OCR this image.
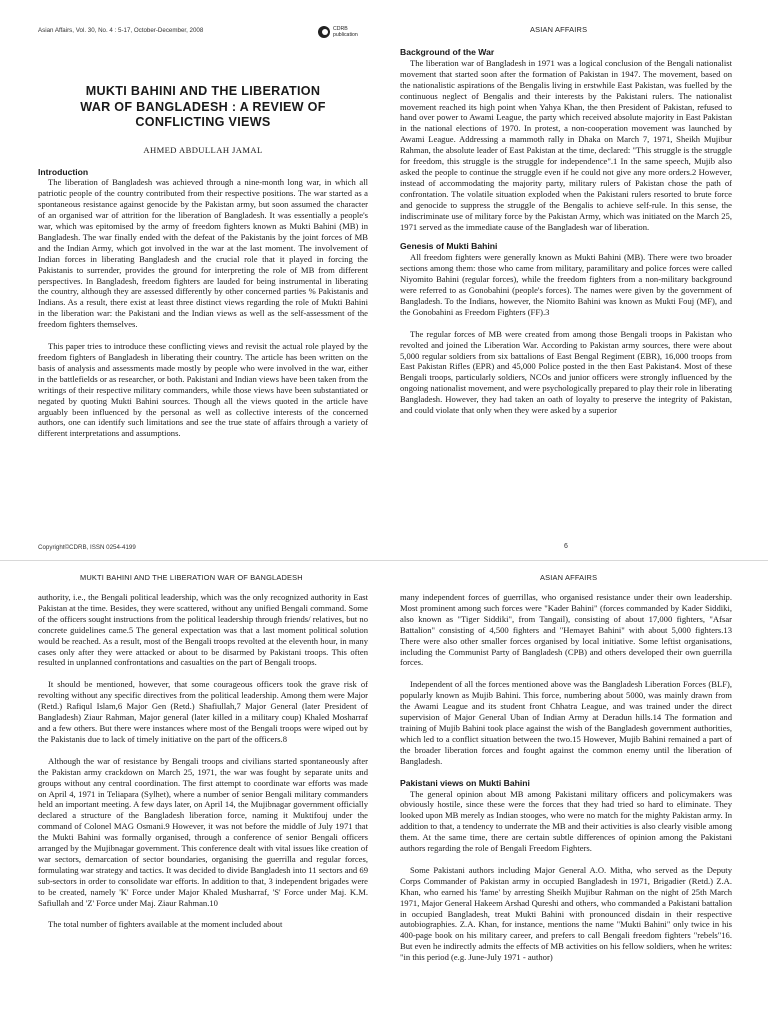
Asian Affairs, Vol. 30, No. 4 : 5-17, October-December, 2008	CDRB
publication

MUKTI BAHINI AND THE LIBERATION

WAR OF BANGLADESH : A REVIEW OF

CONFLICTING VIEWS

AHMED ABDULLAH JAMAL

Introduction

The liberation of Bangladesh was achieved through a nine-month long war, in which all patriotic people of the country contributed from their respective positions. The war started as a spontaneous resistance against genocide by the Pakistan army, but soon assumed the character of an organised war of attrition for the liberation of Bangladesh. It was essentially a people's war, which was epitomised by the army of freedom fighters known as Mukti Bahini (MB) in Bangladesh. The war finally ended with the defeat of the Pakistanis by the joint forces of MB and the Indian Army, which got involved in the war at the last moment. The involvement of Indian forces in liberating Bangladesh and the crucial role that it played in forcing the Pakistanis to surrender, provides the ground for interpreting the role of MB from different perspectives. In Bangladesh, freedom fighters are lauded for being instrumental in liberating the country, although they are assessed differently by other concerned parties % Pakistanis and Indians. As a result, there exist at least three distinct views regarding the role of Mukti Bahini in the liberation war: the Pakistani and the Indian views as well as the self-assessment of the freedom fighters themselves.

This paper tries to introduce these conflicting views and revisit the actual role played by the freedom fighters of Bangladesh in liberating their country. The article has been written on the basis of analysis and assessments made mostly by people who were involved in the war, either in the battlefields or as researcher, or both. Pakistani and Indian views have been taken from the writings of their respective military commanders, while those views have been substantiated or negated by quoting Mukti Bahini sources. Though all the views quoted in the article have arguably been influenced by the personal as well as collective interests of the concerned authors, one can identify such limitations and see the true state of affairs through a variety of different interpretations and assumptions.

Copyright©CDRB, ISSN 0254-4199
ASIAN AFFAIRS

Background of the War

The liberation war of Bangladesh in 1971 was a logical conclusion of the Bengali nationalist movement that started soon after the formation of Pakistan in 1947. The movement, based on the nationalistic aspirations of the Bengalis living in erstwhile East Pakistan, was fuelled by the continuous neglect of Bengalis and their interests by the Pakistani rulers. The nationalist movement reached its high point when Yahya Khan, the then President of Pakistan, refused to hand over power to Awami League, the party which received absolute majority in East Pakistan in the national elections of 1970. In protest, a non-cooperation movement was launched by Awami League. Addressing a mammoth rally in Dhaka on March 7, 1971, Sheikh Mujibur Rahman, the absolute leader of East Pakistan at the time, declared: "This struggle is the struggle for freedom, this struggle is the struggle for independence".1 In the same speech, Mujib also asked the people to continue the struggle even if he could not give any more orders.2 However, instead of accommodating the majority party, military rulers of Pakistan chose the path of confrontation. The volatile situation exploded when the Pakistani rulers resorted to brute force and genocide to suppress the struggle of the Bengalis to achieve self-rule. In this sense, the indiscriminate use of military force by the Pakistan Army, which was initiated on the March 25, 1971 served as the immediate cause of the Bangladesh war of liberation.

Genesis of Mukti Bahini

All freedom fighters were generally known as Mukti Bahini (MB). There were two broader sections among them: those who came from military, paramilitary and police forces were called Niyomito Bahini (regular forces), while the freedom fighters from a non-military background were referred to as Gonobahini (people's forces). The names were given by the government of Bangladesh. To the Indians, however, the Niomito Bahini was known as Mukti Fouj (MF), and the Gonobahini as Freedom Fighters (FF).3

The regular forces of MB were created from among those Bengali troops in Pakistan who revolted and joined the Liberation War. According to Pakistan army sources, there were about 5,000 regular soldiers from six battalions of East Bengal Regiment (EBR), 16,000 troops from East Pakistan Rifles (EPR) and 45,000 Police posted in the then East Pakistan4. Most of these Bengali troops, particularly soldiers, NCOs and junior officers were strongly influenced by the ongoing nationalist movement, and were psychologically prepared to play their role in liberating Bangladesh. However, they had taken an oath of loyalty to preserve the integrity of Pakistan, and could violate that only when they were asked by a superior

6
MUKTI BAHINI AND THE LIBERATION WAR OF BANGLADESH	ASIAN AFFAIRS

authority, i.e., the Bengali political leadership, which was the only recognized authority in East Pakistan at the time. Besides, they were scattered, without any unified Bengali command. Some of the officers sought instructions from the political leadership through friends/ relatives, but no concrete guidelines came.5 The general expectation was that a last moment political solution would be reached. As a result, most of the Bengali troops revolted at the eleventh hour, in many cases only after they were attacked or about to be disarmed by Pakistani troops. This often resulted in unplanned confrontations and casualties on the part of Bengali troops.

It should be mentioned, however, that some courageous officers took the grave risk of revolting without any specific directives from the political leadership. Among them were Major (Retd.) Rafiqul Islam,6 Major Gen (Retd.) Shafiullah,7 Major General (later President of Bangladesh) Ziaur Rahman, Major general (later killed in a military coup) Khaled Mosharraf and a few others. But there were instances where most of the Bengali troops were wiped out by the Pakistanis due to lack of timely initiative on the part of the officers.8

Although the war of resistance by Bengali troops and civilians started spontaneously after the Pakistan army crackdown on March 25, 1971, the war was fought by separate units and groups without any central coordination. The first attempt to coordinate war efforts was made on April 4, 1971 in Teliapara (Sylhet), where a number of senior Bengali military commanders held an important meeting. A few days later, on April 14, the Mujibnagar government officially declared a structure of the Bangladesh liberation force, naming it Muktifouj under the command of Colonel MAG Osmani.9 However, it was not before the middle of July 1971 that the Mukti Bahini was formally organised, through a conference of senior Bengali officers arranged by the Mujibnagar government. This conference dealt with vital issues like creation of war sectors, demarcation of sector boundaries, organising the guerrilla and regular forces, formulating war strategy and tactics. It was decided to divide Bangladesh into 11 sectors and 69 sub-sectors in order to consolidate war efforts. In addition to that, 3 independent brigades were to be created, namely 'K' Force under Major Khaled Musharraf, 'S' Force under Maj. K.M. Safiullah and 'Z' Force under Maj. Ziaur Rahman.10

The total number of fighters available at the moment included about

many independent forces of guerrillas, who organised resistance under their own leadership. Most prominent among such forces were "Kader Bahini" (forces commanded by Kader Siddiki, also known as "Tiger Siddiki", from Tangail), consisting of about 17,000 fighters, "Afsar Battalion" consisting of 4,500 fighters and "Hemayet Bahini" with about 5,000 fighters.13 There were also other smaller forces organised by local initiative. Some leftist organisations, including the Communist Party of Bangladesh (CPB) and others developed their own guerrilla forces.

Independent of all the forces mentioned above was the Bangladesh Liberation Forces (BLF), popularly known as Mujib Bahini. This force, numbering about 5000, was mainly drawn from the Awami League and its student front Chhatra League, and was trained under the direct supervision of Major General Uban of Indian Army at Deradun hills.14 The formation and training of Mujib Bahini took place against the wish of the Bangladesh government authorities, which led to a conflict situation between the two.15 However, Mujib Bahini remained a part of the broader liberation forces and fought against the common enemy until the liberation of Bangladesh.

Pakistani views on Mukti Bahini

The general opinion about MB among Pakistani military officers and policymakers was obviously hostile, since these were the forces that they had tried so hard to eliminate. They looked upon MB merely as Indian stooges, who were no match for the mighty Pakistan army. In addition to that, a tendency to underrate the MB and their activities is also clearly visible among them. At the same time, there are certain subtle differences of opinion among the Pakistani authors regarding the role of Bengali Freedom Fighters.

Some Pakistani authors including Major General A.O. Mitha, who served as the Deputy Corps Commander of Pakistan army in occupied Bangladesh in 1971, Brigadier (Retd.) Z.A. Khan, who earned his 'fame' by arresting Sheikh Mujibur Rahman on the night of 25th March 1971, Major General Hakeem Arshad Qureshi and others, who commanded a Pakistani battalion in occupied Bangladesh, treat Mukti Bahini with pronounced disdain in their respective autobiographies. Z.A. Khan, for instance, mentions the name "Mukti Bahini" only twice in his 400-page book on his military career, and prefers to call Bengali freedom fighters "rebels"16. But even he indirectly admits the effects of MB activities on his fellow soldiers, when he writes: "in this period (e.g. June-July 1971 - author)
